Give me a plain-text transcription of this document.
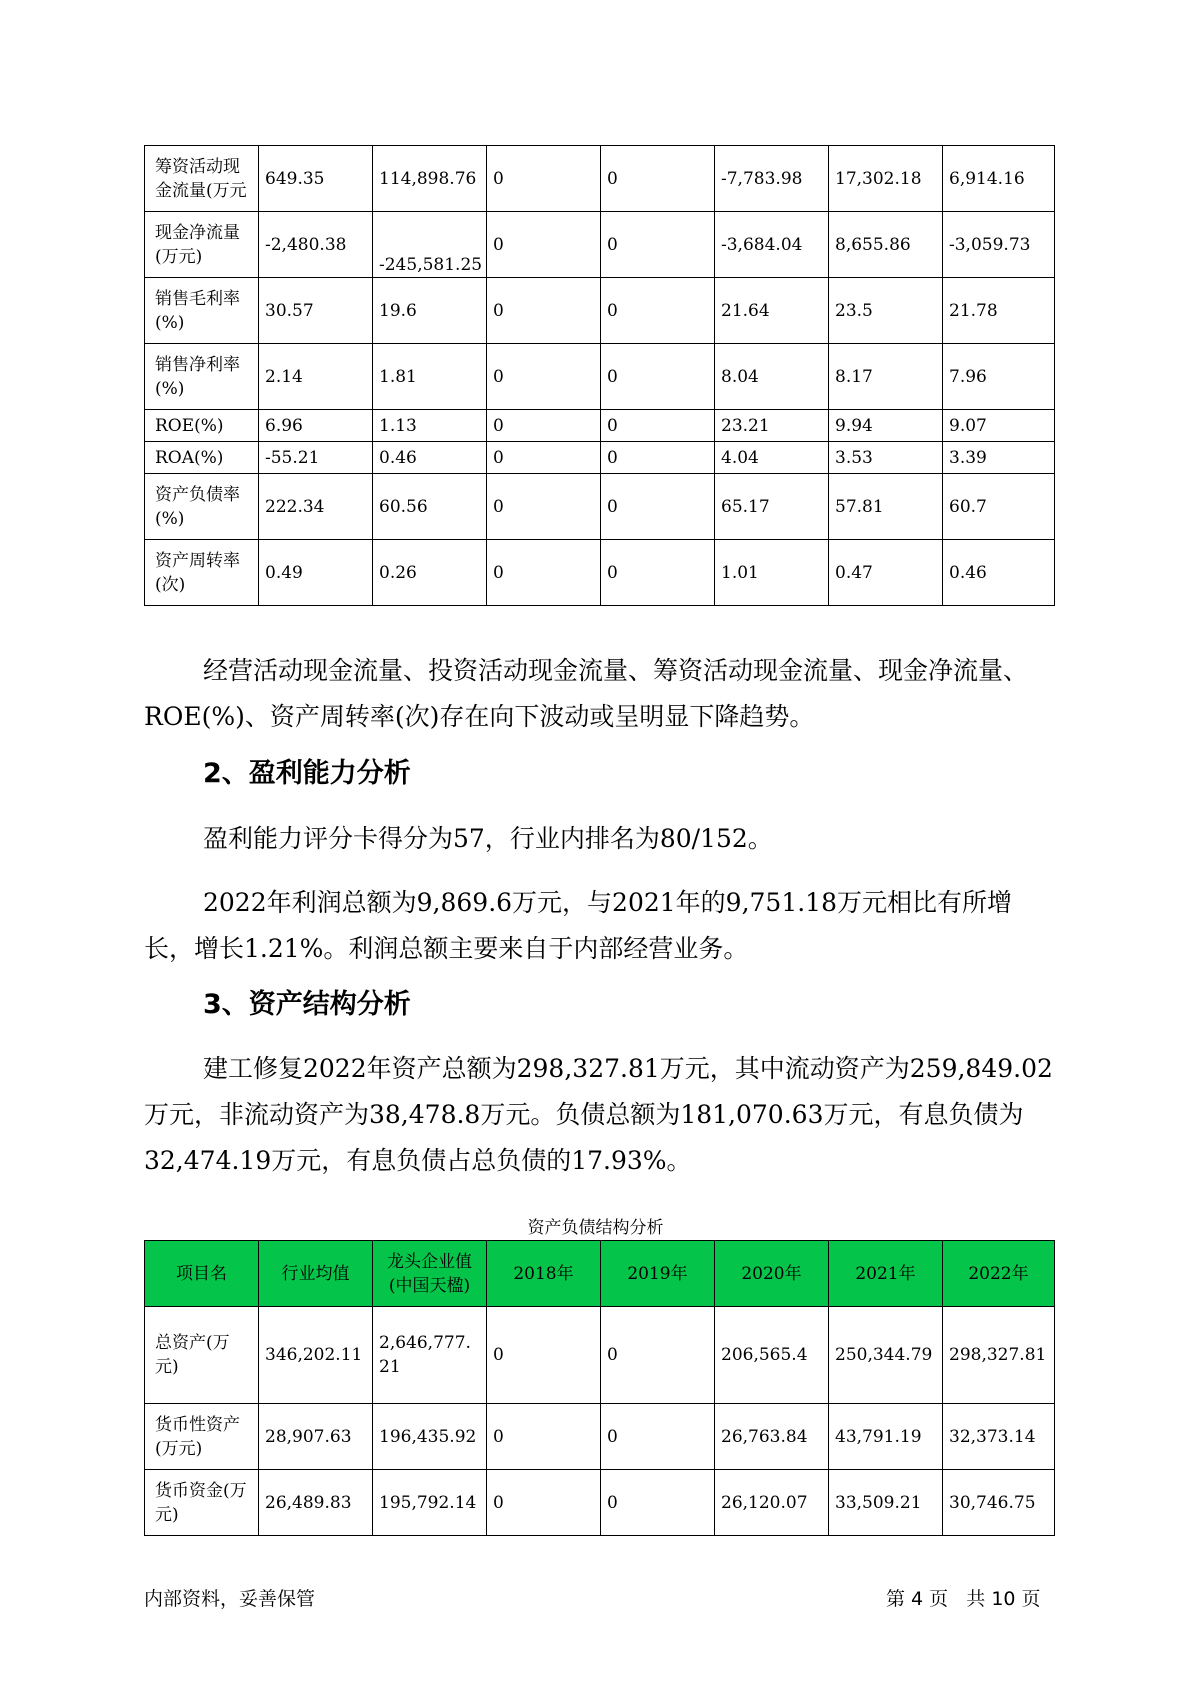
筹资活动现金流量(万元	649.35	114,898.76	0	0	-7,783.98	17,302.18	6,914.16
现金净流量(万元)	-2,480.38	-245,581.25	0	0	-3,684.04	8,655.86	-3,059.73
销售毛利率(%)	30.57	19.6	0	0	21.64	23.5	21.78
销售净利率(%)	2.14	1.81	0	0	8.04	8.17	7.96
ROE(%)	6.96	1.13	0	0	23.21	9.94	9.07
ROA(%)	-55.21	0.46	0	0	4.04	3.53	3.39
资产负债率(%)	222.34	60.56	0	0	65.17	57.81	60.7
资产周转率(次)	0.49	0.26	0	0	1.01	0.47	0.46

经营活动现金流量、投资活动现金流量、筹资活动现金流量、现金净流量、ROE(%)、资产周转率(次)存在向下波动或呈明显下降趋势。

2、盈利能力分析

盈利能力评分卡得分为57，行业内排名为80/152。

2022年利润总额为9,869.6万元，与2021年的9,751.18万元相比有所增长，增长1.21%。利润总额主要来自于内部经营业务。

3、资产结构分析

建工修复2022年资产总额为298,327.81万元，其中流动资产为259,849.02万元，非流动资产为38,478.8万元。负债总额为181,070.63万元，有息负债为32,474.19万元，有息负债占总负债的17.93%。

资产负债结构分析
项目名	行业均值	龙头企业值(中国天楹)	2018年	2019年	2020年	2021年	2022年
总资产(万元)	346,202.11	2,646,777.21	0	0	206,565.4	250,344.79	298,327.81
货币性资产(万元)	28,907.63	196,435.92	0	0	26,763.84	43,791.19	32,373.14
货币资金(万元)	26,489.83	195,792.14	0	0	26,120.07	33,509.21	30,746.75
内部资料，妥善保管	第 4 页   共 10 页
